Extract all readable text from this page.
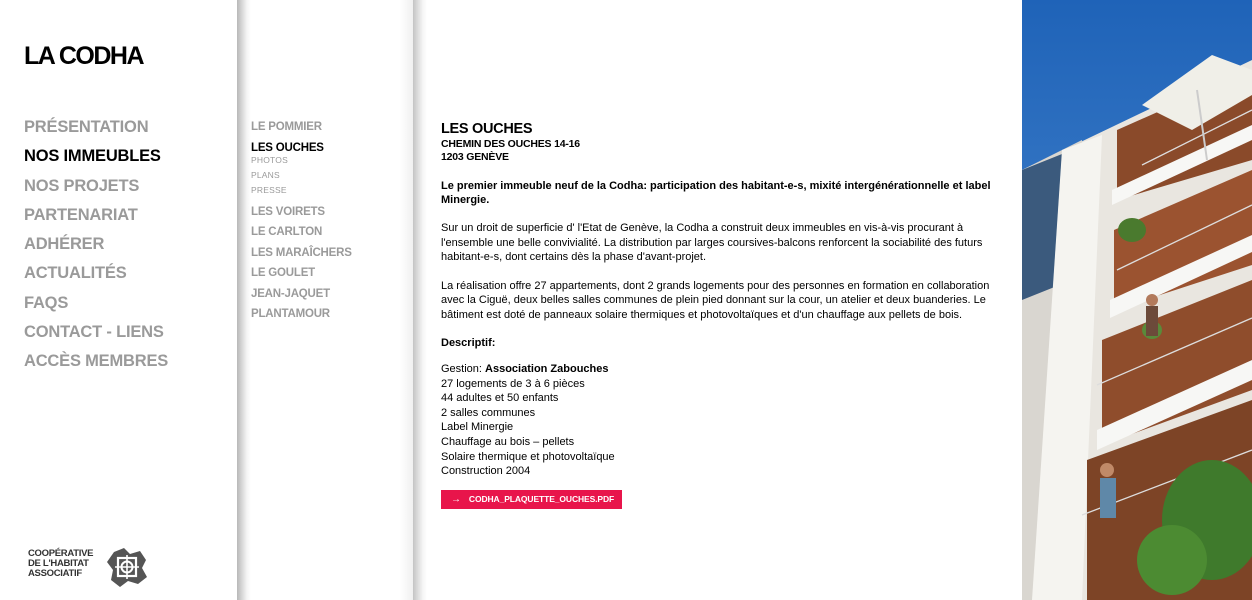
LA CODHA
PRÉSENTATION
NOS IMMEUBLES
NOS PROJETS
PARTENARIAT
ADHÉRER
ACTUALITÉS
FAQS
CONTACT - LIENS
ACCÈS MEMBRES
COOPÉRATIVE
DE L'HABITAT
ASSOCIATIF
LE POMMIER
LES OUCHES
PHOTOS
PLANS
PRESSE
LES VOIRETS
LE CARLTON
LES MARAÎCHERS
LE GOULET
JEAN-JAQUET
PLANTAMOUR
LES OUCHES
CHEMIN DES OUCHES 14-16
1203 GENÈVE

Le premier immeuble neuf de la Codha: participation des habitant-e-s, mixité intergénérationnelle et label Minergie.

Sur un droit de superficie d' l'Etat de Genève, la Codha a construit deux immeubles en vis-à-vis procurant à l'ensemble une belle convivialité. La distribution par larges coursives-balcons renforcent la sociabilité des futurs habitant-e-s, dont certains dès la phase d'avant-projet.

La réalisation offre 27 appartements, dont 2 grands logements pour des personnes en formation en collaboration avec la Ciguë, deux belles salles communes de plein pied donnant sur la cour, un atelier et deux buanderies. Le bâtiment est doté de panneaux solaire thermiques et photovoltaïques et d'un chauffage aux pellets de bois.

Descriptif:

Gestion: Association Zabouches
27 logements de 3 à 6 pièces
44 adultes et 50 enfants
2 salles communes
Label Minergie
Chauffage au bois – pellets
Solaire thermique et photovoltaïque
Construction 2004
→ CODHA_PLAQUETTE_OUCHES.PDF
